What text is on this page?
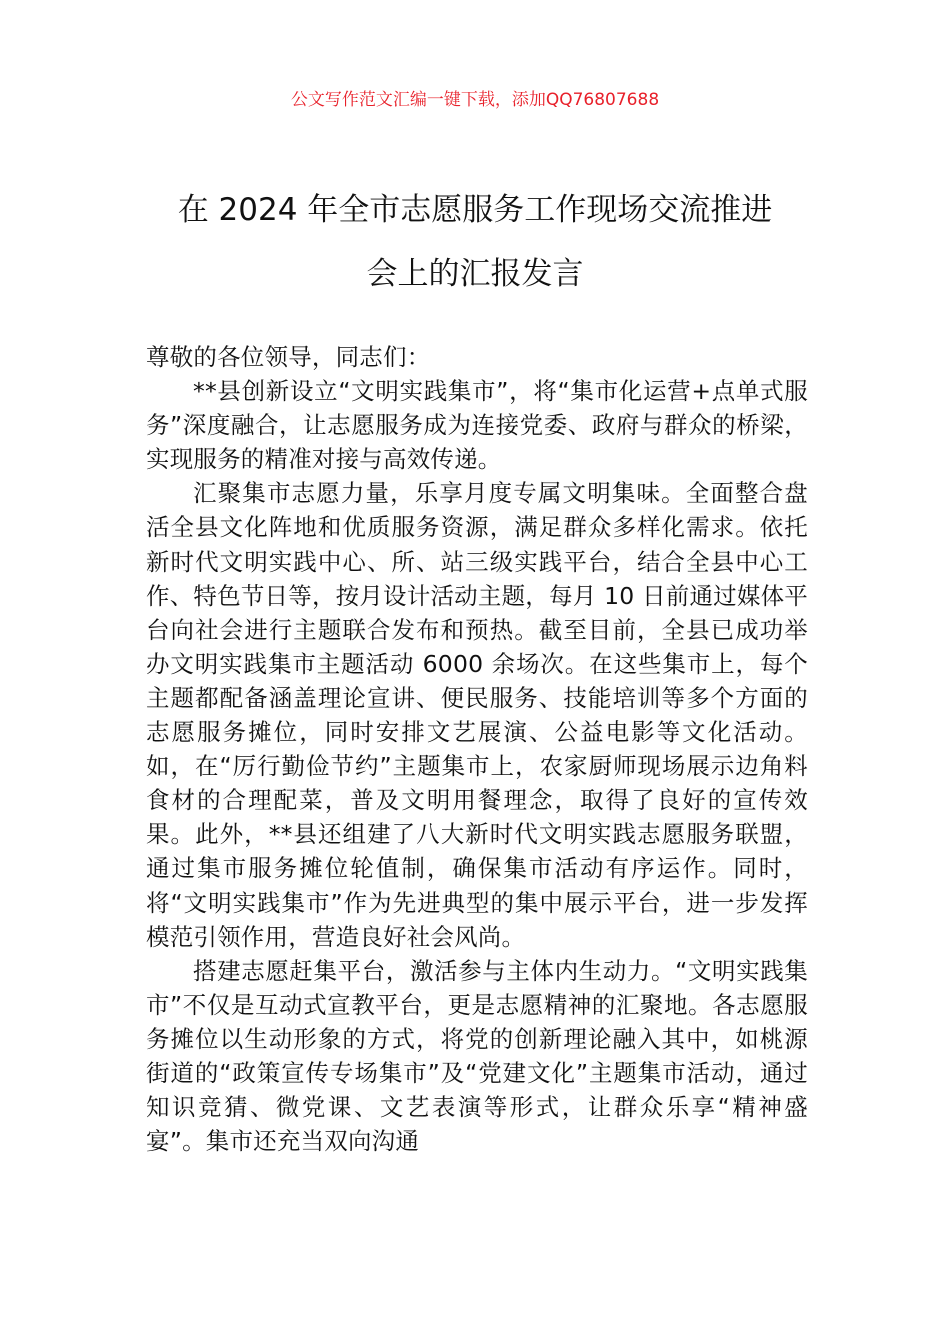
公文写作范文汇编一键下载，添加QQ76807688
在 2024 年全市志愿服务工作现场交流推进
会上的汇报发言

尊敬的各位领导，同志们：

**县创新设立“文明实践集市”，将“集市化运营+点单式服务”深度融合，让志愿服务成为连接党委、政府与群众的桥梁，实现服务的精准对接与高效传递。

汇聚集市志愿力量，乐享月度专属文明集味。全面整合盘活全县文化阵地和优质服务资源，满足群众多样化需求。依托新时代文明实践中心、所、站三级实践平台，结合全县中心工作、特色节日等，按月设计活动主题，每月 10 日前通过媒体平台向社会进行主题联合发布和预热。截至目前，全县已成功举办文明实践集市主题活动 6000 余场次。在这些集市上，每个主题都配备涵盖理论宣讲、便民服务、技能培训等多个方面的志愿服务摊位，同时安排文艺展演、公益电影等文化活动。如，在“厉行勤俭节约”主题集市上，农家厨师现场展示边角料食材的合理配菜，普及文明用餐理念，取得了良好的宣传效果。此外，**县还组建了八大新时代文明实践志愿服务联盟，通过集市服务摊位轮值制，确保集市活动有序运作。同时，将“文明实践集市”作为先进典型的集中展示平台，进一步发挥模范引领作用，营造良好社会风尚。

搭建志愿赶集平台，激活参与主体内生动力。“文明实践集市”不仅是互动式宣教平台，更是志愿精神的汇聚地。各志愿服务摊位以生动形象的方式，将党的创新理论融入其中，如桃源街道的“政策宣传专场集市”及“党建文化”主题集市活动，通过知识竞猜、微党课、文艺表演等形式，让群众乐享“精神盛宴”。集市还充当双向沟通
